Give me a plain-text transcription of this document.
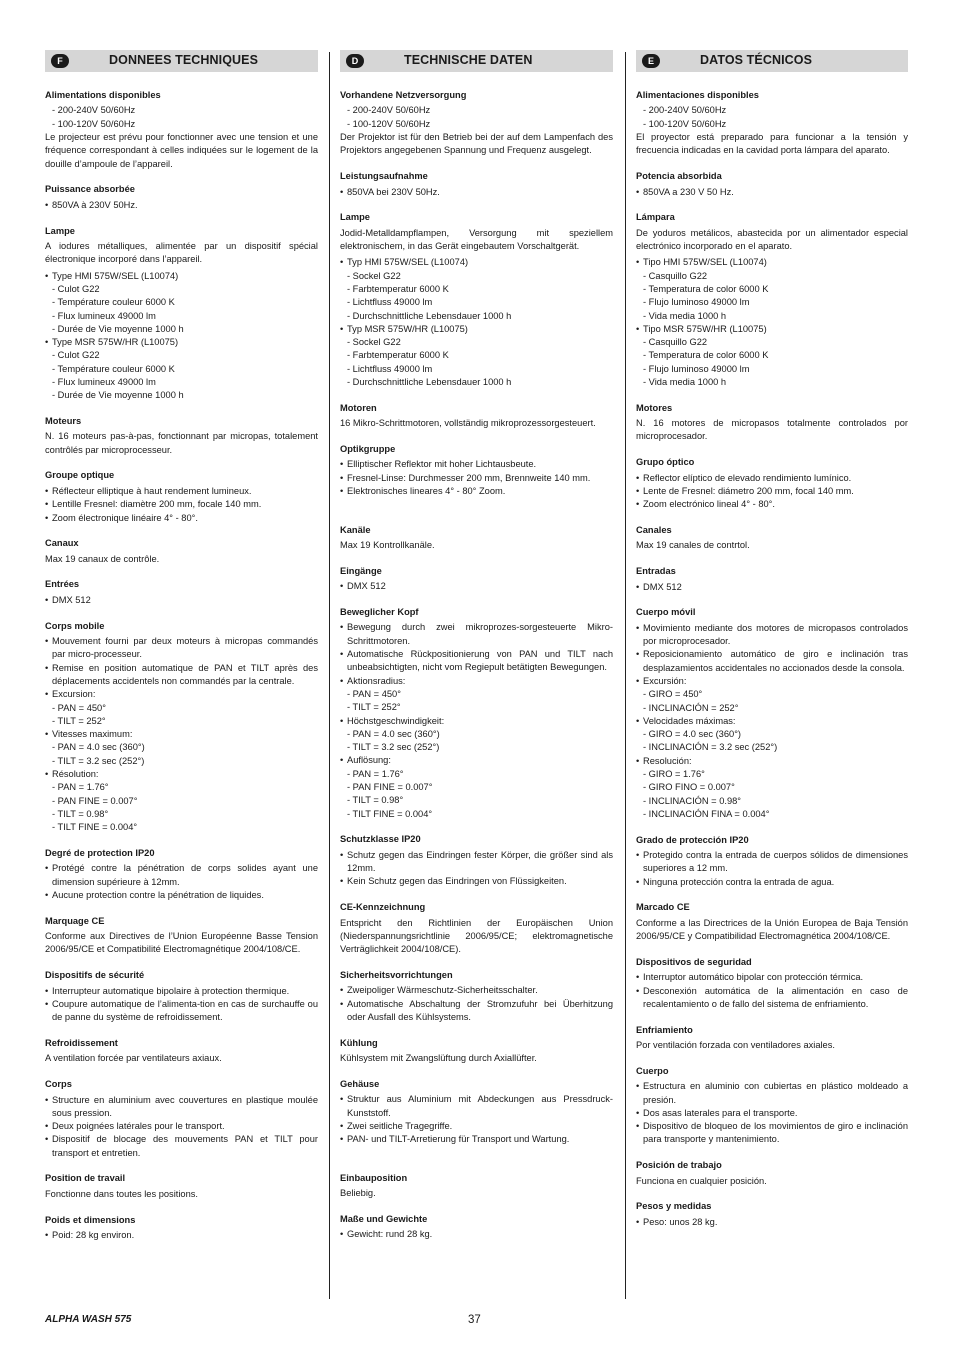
F	DONNEES TECHNIQUES
Alimentations disponibles
- 200-240V 50/60Hz
- 100-120V 50/60Hz
Le projecteur est prévu pour fonctionner avec une tension et une fréquence correspondant à celles indiquées sur le logement de la douille d’ampoule de l’appareil.
Puissance absorbée
• 850VA à 230V 50Hz.
Lampe
A iodures métalliques, alimentée par un dispositif spécial électronique incorporé dans l’appareil.
• Type HMI 575W/SEL (L10074)
- Culot G22
- Température couleur 6000 K
- Flux lumineux 49000 lm
- Durée de Vie moyenne 1000 h
• Type MSR 575W/HR (L10075)
- Culot G22
- Température couleur 6000 K
- Flux lumineux 49000 lm
- Durée de Vie moyenne 1000 h
Moteurs
N. 16 moteurs pas-à-pas, fonctionnant par micropas, totalement contrôlés par microprocesseur.
Groupe optique
• Réflecteur elliptique à haut rendement lumineux.
• Lentille Fresnel: diamètre 200 mm, focale 140 mm.
• Zoom électronique linéaire 4° - 80°.
Canaux
Max 19 canaux de contrôle.
Entrées
• DMX 512
Corps mobile
• Mouvement fourni par deux moteurs à micropas commandés par micro-processeur.
• Remise en position automatique de PAN et TILT après des déplacements accidentels non commandés par la centrale.
• Excursion:
- PAN = 450°
- TILT = 252°
• Vitesses maximum:
- PAN = 4.0 sec (360°)
- TILT = 3.2 sec (252°)
• Résolution:
- PAN = 1.76°
- PAN FINE = 0.007°
- TILT = 0.98°
- TILT FINE = 0.004°
Degré de protection IP20
• Protégé contre la pénétration de corps solides ayant une dimension supérieure à 12mm.
• Aucune protection contre la pénétration de liquides.
Marquage CE
Conforme aux Directives de l’Union Européenne Basse Tension 2006/95/CE et Compatibilité Electromagnétique 2004/108/CE.
Dispositifs de sécurité
• Interrupteur automatique bipolaire à protection thermique.
• Coupure automatique de l’alimenta-tion en cas de surchauffe ou de panne du système de refroidissement.
Refroidissement
A ventilation forcée par ventilateurs axiaux.
Corps
• Structure en aluminium avec couvertures en plastique moulée sous pression.
• Deux poignées latérales pour le transport.
• Dispositif de blocage des mouvements PAN et TILT pour transport et entretien.
Position de travail
Fonctionne dans toutes les positions.
Poids et dimensions
• Poid: 28 kg environ.
D	TECHNISCHE DATEN
Vorhandene Netzversorgung
- 200-240V 50/60Hz
- 100-120V 50/60Hz
Der Projektor ist für den Betrieb bei der auf dem Lampenfach des Projektors angegebenen Spannung und Frequenz ausgelegt.
Leistungsaufnahme
• 850VA bei 230V 50Hz.
Lampe
Jodid-Metalldampflampen, Versorgung mit speziellem elektronischem, in das Gerät eingebautem Vorschaltgerät.
• Typ HMI 575W/SEL (L10074)
- Sockel G22
- Farbtemperatur 6000 K
- Lichtfluss 49000 lm
- Durchschnittliche Lebensdauer 1000 h
• Typ MSR 575W/HR (L10075)
- Sockel G22
- Farbtemperatur 6000 K
- Lichtfluss 49000 lm
- Durchschnittliche Lebensdauer 1000 h
Motoren
16 Mikro-Schrittmotoren, vollständig mikroprozessorgesteuert.
Optikgruppe
• Elliptischer Reflektor mit hoher Lichtausbeute.
• Fresnel-Linse: Durchmesser 200 mm, Brennweite 140 mm.
• Elektronisches lineares 4° - 80° Zoom.
Kanäle
Max 19 Kontrollkanäle.
Eingänge
• DMX 512
Beweglicher Kopf
• Bewegung durch zwei mikroprozes-sorgesteuerte Mikro-Schrittmotoren.
• Automatische Rückpositionierung von PAN und TILT nach unbeabsichtigten, nicht vom Regiepult betätigten Bewegungen.
• Aktionsradius:
- PAN = 450°
- TILT = 252°
• Höchstgeschwindigkeit:
- PAN = 4.0 sec (360°)
- TILT = 3.2 sec (252°)
• Auflösung:
- PAN = 1.76°
- PAN FINE = 0.007°
- TILT = 0.98°
- TILT FINE = 0.004°
Schutzklasse IP20
• Schutz gegen das Eindringen fester Körper, die größer sind als 12mm.
• Kein Schutz gegen das Eindringen von Flüssigkeiten.
CE-Kennzeichnung
Entspricht den Richtlinien der Europäischen Union (Niederspannungsrichtlinie 2006/95/CE; elektromagnetische Verträglichkeit 2004/108/CE).
Sicherheitsvorrichtungen
• Zweipoliger Wärmeschutz-Sicherheitsschalter.
• Automatische Abschaltung der Stromzufuhr bei Überhitzung oder Ausfall des Kühlsystems.
Kühlung
Kühlsystem mit Zwangslüftung durch Axiallüfter.
Gehäuse
• Struktur aus Aluminium mit Abdeckungen aus Pressdruck-Kunststoff.
• Zwei seitliche Tragegriffe.
• PAN- und TILT-Arretierung für Transport und Wartung.
Einbauposition
Beliebig.
Maße und Gewichte
• Gewicht: rund 28 kg.
E	DATOS TÉCNICOS
Alimentaciones disponibles
- 200-240V 50/60Hz
- 100-120V 50/60Hz
El proyector está preparado para funcionar a la tensión y frecuencia indicadas en la cavidad porta lámpara del aparato.
Potencia absorbida
• 850VA a 230 V 50 Hz.
Lámpara
De yoduros metálicos, abastecida por un alimentador especial electrónico incorporado en el aparato.
• Tipo HMI 575W/SEL (L10074)
- Casquillo G22
- Temperatura de color 6000 K
- Flujo luminoso 49000 lm
- Vida media 1000 h
• Tipo MSR 575W/HR (L10075)
- Casquillo G22
- Temperatura de color 6000 K
- Flujo luminoso 49000 lm
- Vida media 1000 h
Motores
N. 16 motores de micropasos totalmente controlados por microprocesador.
Grupo óptico
• Reflector elíptico de elevado rendimiento lumínico.
• Lente de Fresnel: diámetro 200 mm, focal 140 mm.
• Zoom electrónico lineal 4° - 80°.
Canales
Max 19 canales de contrtol.
Entradas
• DMX 512
Cuerpo móvil
• Movimiento mediante dos motores de micropasos controlados por microprocesador.
• Reposicionamiento automático de giro e inclinación tras desplazamientos accidentales no accionados desde la consola.
• Excursión:
- GIRO = 450°
- INCLINACIÓN = 252°
• Velocidades máximas:
- GIRO = 4.0 sec (360°)
- INCLINACIÓN = 3.2 sec (252°)
• Resolución:
- GIRO = 1.76°
- GIRO FINO = 0.007°
- INCLINACIÓN = 0.98°
- INCLINACIÓN FINA = 0.004°
Grado de protección IP20
• Protegido contra la entrada de cuerpos sólidos de dimensiones superiores a 12 mm.
• Ninguna protección contra la entrada de agua.
Marcado CE
Conforme a las Directrices de la Unión Europea de Baja Tensión 2006/95/CE y Compatibilidad Electromagnética 2004/108/CE.
Dispositivos de seguridad
• Interruptor automático bipolar con protección térmica.
• Desconexión automática de la alimentación en caso de recalentamiento o de fallo del sistema de enfriamiento.
Enfriamiento
Por ventilación forzada con ventiladores axiales.
Cuerpo
• Estructura en aluminio con cubiertas en plástico moldeado a presión.
• Dos asas laterales para el transporte.
• Dispositivo de bloqueo de los movimientos de giro e inclinación para transporte y mantenimiento.
Posición de trabajo
Funciona en cualquier posición.
Pesos y medidas
• Peso: unos 28 kg.
ALPHA WASH 575	37
